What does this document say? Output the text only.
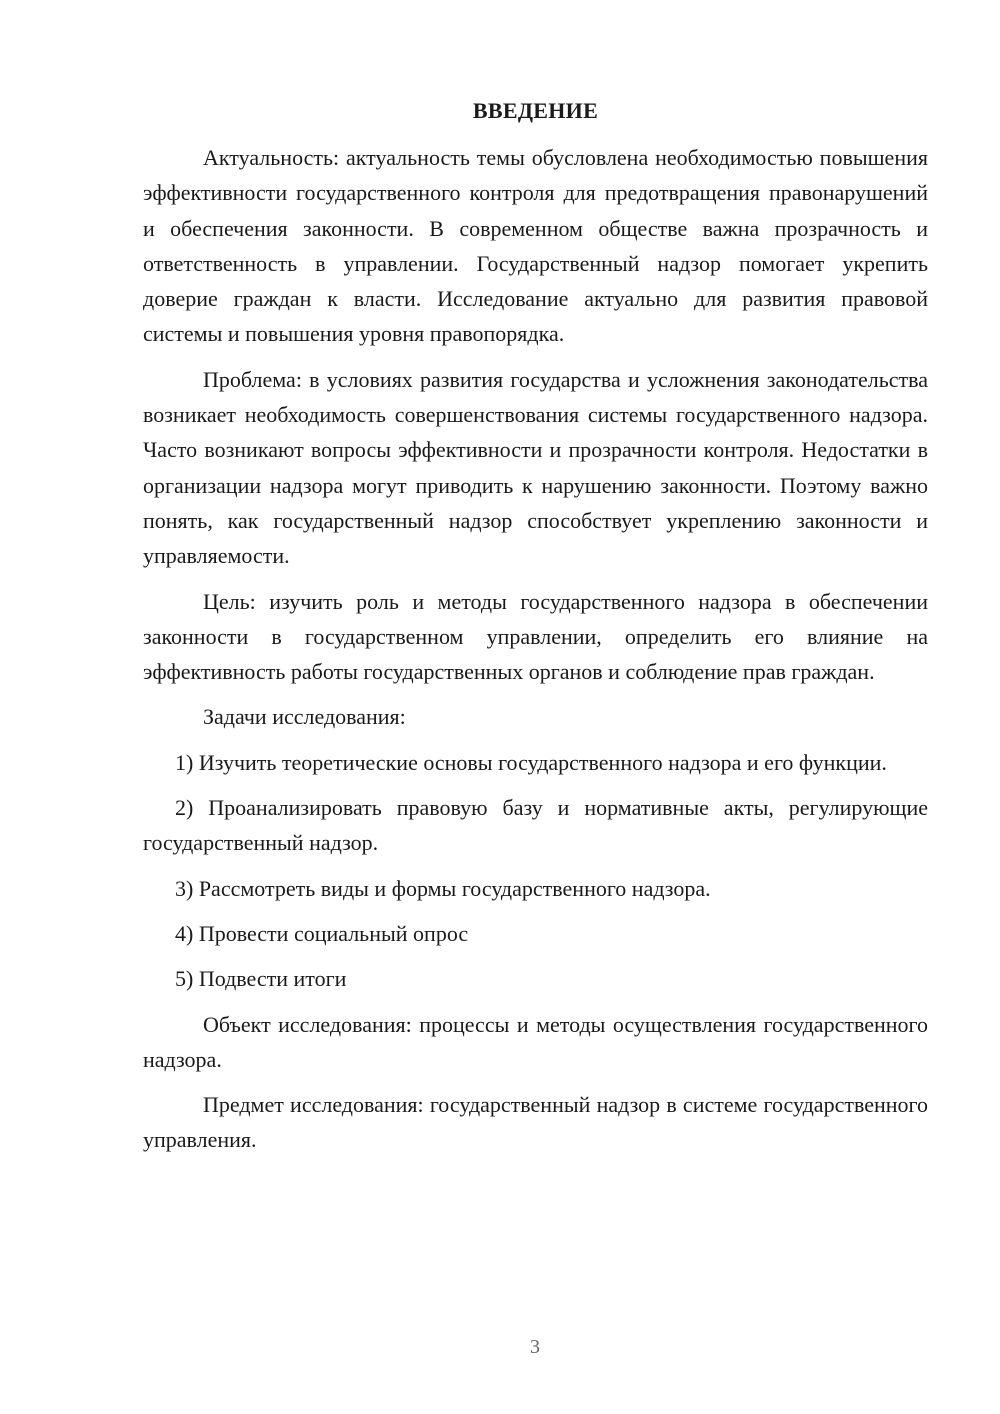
ВВЕДЕНИЕ

Актуальность: актуальность темы обусловлена необходимостью повышения эффективности государственного контроля для предотвращения правонарушений и обеспечения законности. В современном обществе важна прозрачность и ответственность в управлении. Государственный надзор помогает укрепить доверие граждан к власти. Исследование актуально для развития правовой системы и повышения уровня правопорядка.

Проблема: в условиях развития государства и усложнения законодательства возникает необходимость совершенствования системы государственного надзора. Часто возникают вопросы эффективности и прозрачности контроля. Недостатки в организации надзора могут приводить к нарушению законности. Поэтому важно понять, как государственный надзор способствует укреплению законности и управляемости.

Цель: изучить роль и методы государственного надзора в обеспечении законности в государственном управлении, определить его влияние на эффективность работы государственных органов и соблюдение прав граждан.

Задачи исследования:

1) Изучить теоретические основы государственного надзора и его функции.

2) Проанализировать правовую базу и нормативные акты, регулирующие государственный надзор.

3) Рассмотреть виды и формы государственного надзора.

4) Провести социальный опрос

5) Подвести итоги

Объект исследования: процессы и методы осуществления государственного надзора.

Предмет исследования: государственный надзор в системе государственного управления.

3
